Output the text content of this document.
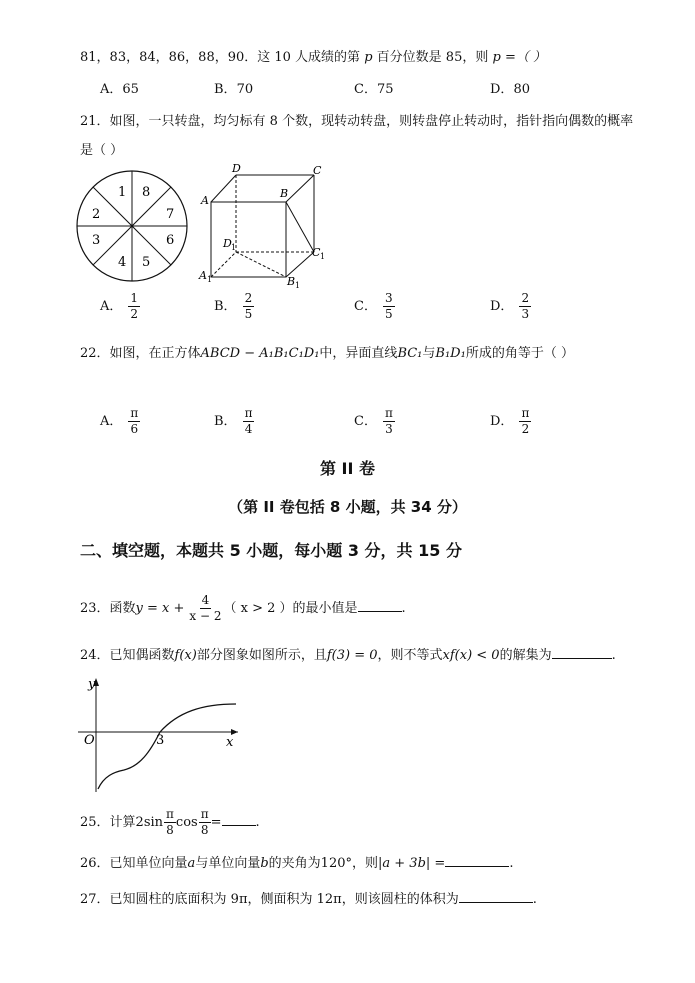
81，83，84，86，88，90．这 10 人成绩的第 p 百分位数是 85，则 p =（ ）
A．65	B．70	C．75	D．80
21．如图，一只转盘，均匀标有 8 个数，现转动转盘，则转盘停止转动时，指针指向偶数的概率
是（ ）
1 8
7
6
5
4
3
2
D	C
A
B
D 1	C 1
A 1	B 1
A． $\frac{1}{2}$	B． $\frac{2}{5}$	C． $\frac{3}{5}$	D． $\frac{2}{3}$
22．如图，在正方体ABCD − A₁B₁C₁D₁中，异面直线BC₁与B₁D₁所成的角等于（ ）
A． $\frac{\pi}{6}$	B． $\frac{\pi}{4}$	C． $\frac{\pi}{3}$	D． $\frac{\pi}{2}$
第 II 卷
（第 II 卷包括 8 小题，共 34 分）
二、填空题，本题共 5 小题，每小题 3 分，共 15 分
23．函数$y = x + \frac{4}{x - 2}$ （ x > 2 ）的最小值是	.
24．已知偶函数f(x)部分图象如图所示，且f(3) = 0，则不等式xf(x) < 0的解集为	.
y
O	3	x
25．计算$2\sin \frac{\pi}{8}$ $\cos \frac{\pi}{8}$ =	.
26．已知单位向量a与单位向量b的夹角为120°，则|a + 3b| =	.
27．已知圆柱的底面积为 9π，侧面积为 12π，则该圆柱的体积为	.
